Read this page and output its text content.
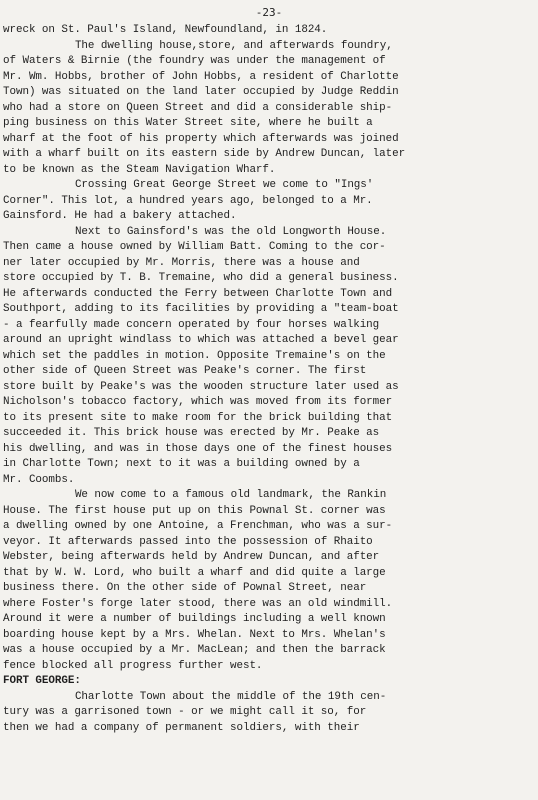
-23-
wreck on St. Paul's Island, Newfoundland, in 1824.
The dwelling house,store, and afterwards foundry,
of Waters & Birnie (the foundry was under the management of
Mr. Wm. Hobbs, brother of John Hobbs, a resident of Charlotte
Town) was situated on the land later occupied by Judge Reddin
who had a store on Queen Street and did a considerable ship-
ping business on this Water Street site, where he built a
wharf at the foot of his property which afterwards was joined
with a wharf built on its eastern side by Andrew Duncan, later
to be known as the Steam Navigation Wharf.
Crossing Great George Street we come to "Ings'
Corner". This lot, a hundred years ago, belonged to a Mr.
Gainsford. He had a bakery attached.
Next to Gainsford's was the old Longworth House.
Then came a house owned by William Batt. Coming to the cor-
ner later occupied by Mr. Morris, there was a house and
store occupied by T. B. Tremaine, who did a general business.
He afterwards conducted the Ferry between Charlotte Town and
Southport, adding to its facilities by providing a "team-boat
- a fearfully made concern operated by four horses walking
around an upright windlass to which was attached a bevel gear
which set the paddles in motion. Opposite Tremaine's on the
other side of Queen Street was Peake's corner. The first
store built by Peake's was the wooden structure later used as
Nicholson's tobacco factory, which was moved from its former
to its present site to make room for the brick building that
succeeded it. This brick house was erected by Mr. Peake as
his dwelling, and was in those days one of the finest houses
in Charlotte Town; next to it was a building owned by a
Mr. Coombs.
We now come to a famous old landmark, the Rankin
House. The first house put up on this Pownal St. corner was
a dwelling owned by one Antoine, a Frenchman, who was a sur-
veyor. It afterwards passed into the possession of Rhaito
Webster, being afterwards held by Andrew Duncan, and after
that by W. W. Lord, who built a wharf and did quite a large
business there. On the other side of Pownal Street, near
where Foster's forge later stood, there was an old windmill.
Around it were a number of buildings including a well known
boarding house kept by a Mrs. Whelan. Next to Mrs. Whelan's
was a house occupied by a Mr. MacLean; and then the barrack
fence blocked all progress further west.
FORT GEORGE:
Charlotte Town about the middle of the 19th cen-
tury was a garrisoned town - or we might call it so, for
then we had a company of permanent soldiers, with their
